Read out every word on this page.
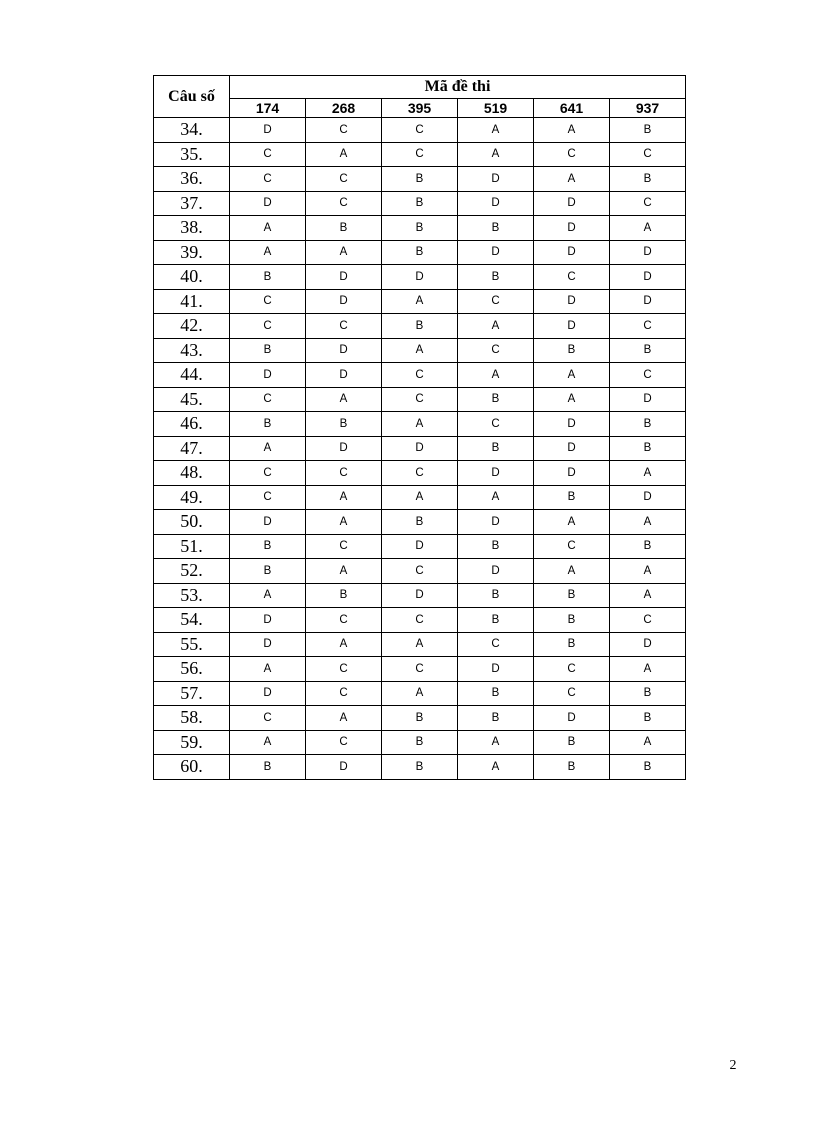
Câu số	Mã đề thi					
	174	268	395	519	641	937
34.	D	C	C	A	A	B
35.	C	A	C	A	C	C
36.	C	C	B	D	A	B
37.	D	C	B	D	D	C
38.	A	B	B	B	D	A
39.	A	A	B	D	D	D
40.	B	D	D	B	C	D
41.	C	D	A	C	D	D
42.	C	C	B	A	D	C
43.	B	D	A	C	B	B
44.	D	D	C	A	A	C
45.	C	A	C	B	A	D
46.	B	B	A	C	D	B
47.	A	D	D	B	D	B
48.	C	C	C	D	D	A
49.	C	A	A	A	B	D
50.	D	A	B	D	A	A
51.	B	C	D	B	C	B
52.	B	A	C	D	A	A
53.	A	B	D	B	B	A
54.	D	C	C	B	B	C
55.	D	A	A	C	B	D
56.	A	C	C	D	C	A
57.	D	C	A	B	C	B
58.	C	A	B	B	D	B
59.	A	C	B	A	B	A
60.	B	D	B	A	B	B
2
